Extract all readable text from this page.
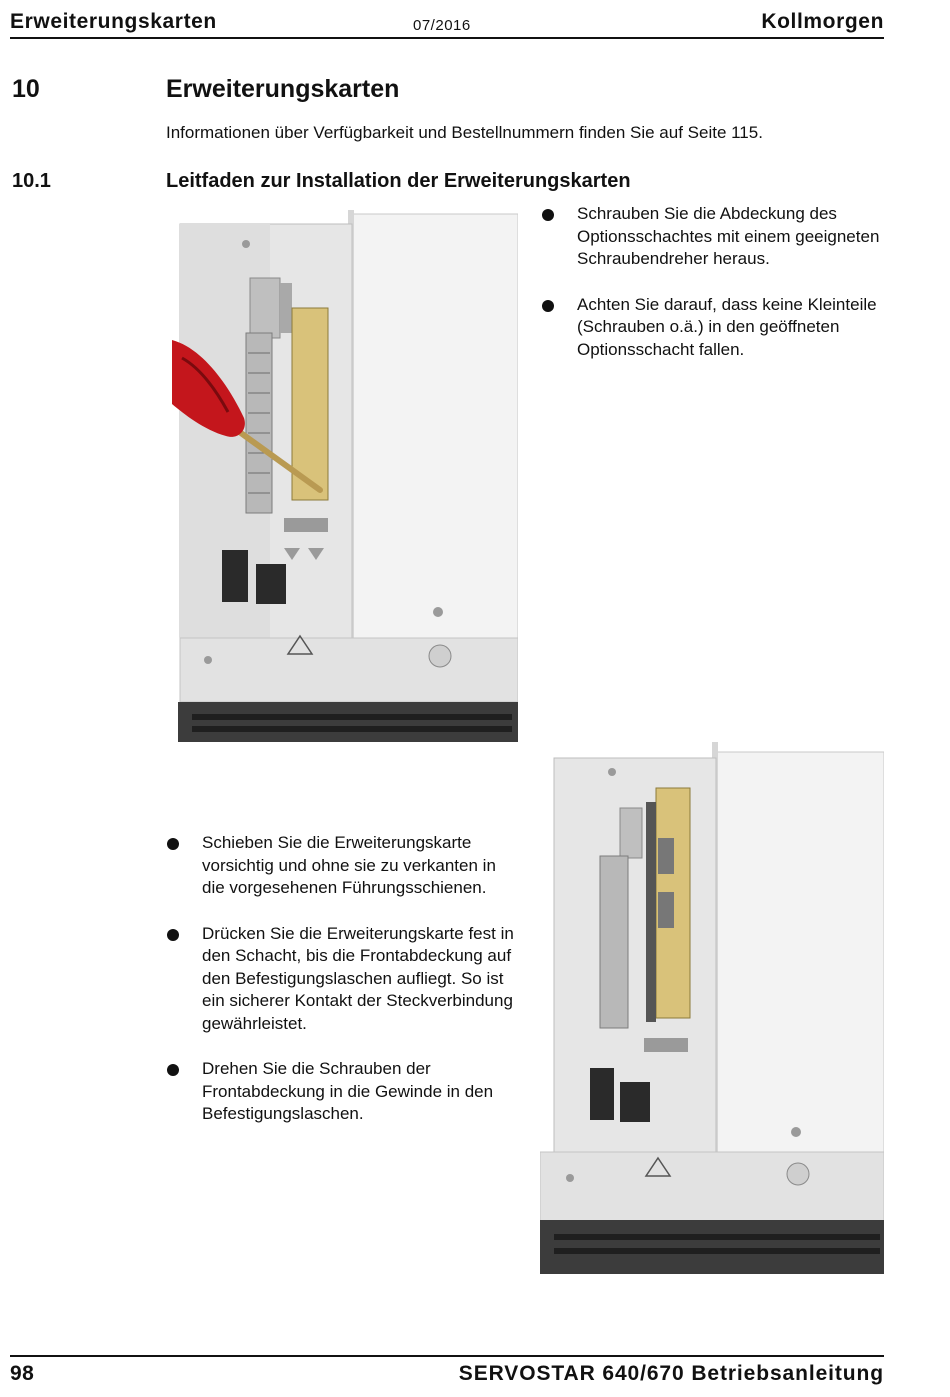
Erweiterungskarten	07/2016	Kollmorgen
10	Erweiterungskarten
Informationen über Verfügbarkeit und Bestellnummern finden Sie auf Seite 115.
10.1	Leitfaden zur Installation der Erweiterungskarten
Schrauben Sie die Abdeckung des Optionsschachtes mit einem geeigneten Schraubendreher heraus.
Achten Sie darauf, dass keine Kleinteile (Schrauben o.ä.) in den geöffneten Optionsschacht fallen.
Schieben Sie die Erweiterungskarte vorsichtig und ohne sie zu verkanten in die vorgesehenen Führungsschienen.
Drücken Sie die Erweiterungskarte fest in den Schacht, bis die Frontabdeckung auf den Befestigungslaschen aufliegt. So ist ein sicherer Kontakt der Steckverbindung gewährleistet.
Drehen Sie die Schrauben der Frontabdeckung in die Gewinde in den Befestigungslaschen.
98	SERVOSTAR 640/670 Betriebsanleitung
